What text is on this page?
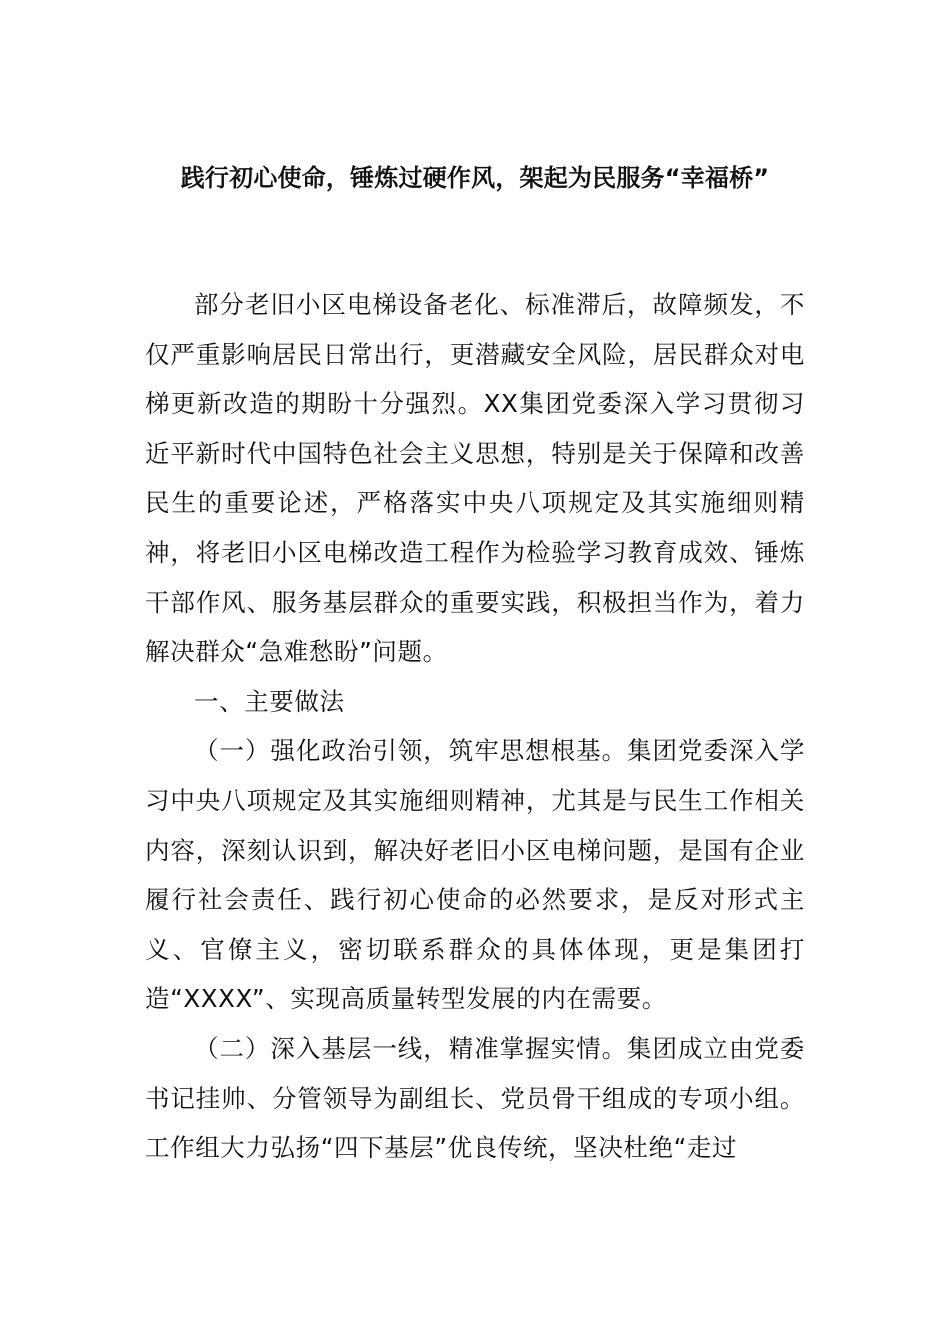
践行初心使命，锤炼过硬作风，架起为民服务“幸福桥”

部分老旧小区电梯设备老化、标准滞后，故障频发，不仅严重影响居民日常出行，更潜藏安全风险，居民群众对电梯更新改造的期盼十分强烈。XX集团党委深入学习贯彻习近平新时代中国特色社会主义思想，特别是关于保障和改善民生的重要论述，严格落实中央八项规定及其实施细则精神，将老旧小区电梯改造工程作为检验学习教育成效、锤炼干部作风、服务基层群众的重要实践，积极担当作为，着力解决群众“急难愁盼”问题。

一、主要做法

（一）强化政治引领，筑牢思想根基。集团党委深入学习中央八项规定及其实施细则精神，尤其是与民生工作相关内容，深刻认识到，解决好老旧小区电梯问题，是国有企业履行社会责任、践行初心使命的必然要求，是反对形式主义、官僚主义，密切联系群众的具体体现，更是集团打造“XXXX”、实现高质量转型发展的内在需要。

（二）深入基层一线，精准掌握实情。集团成立由党委书记挂帅、分管领导为副组长、党员骨干组成的专项小组。工作组大力弘扬“四下基层”优良传统，坚决杜绝“走过
